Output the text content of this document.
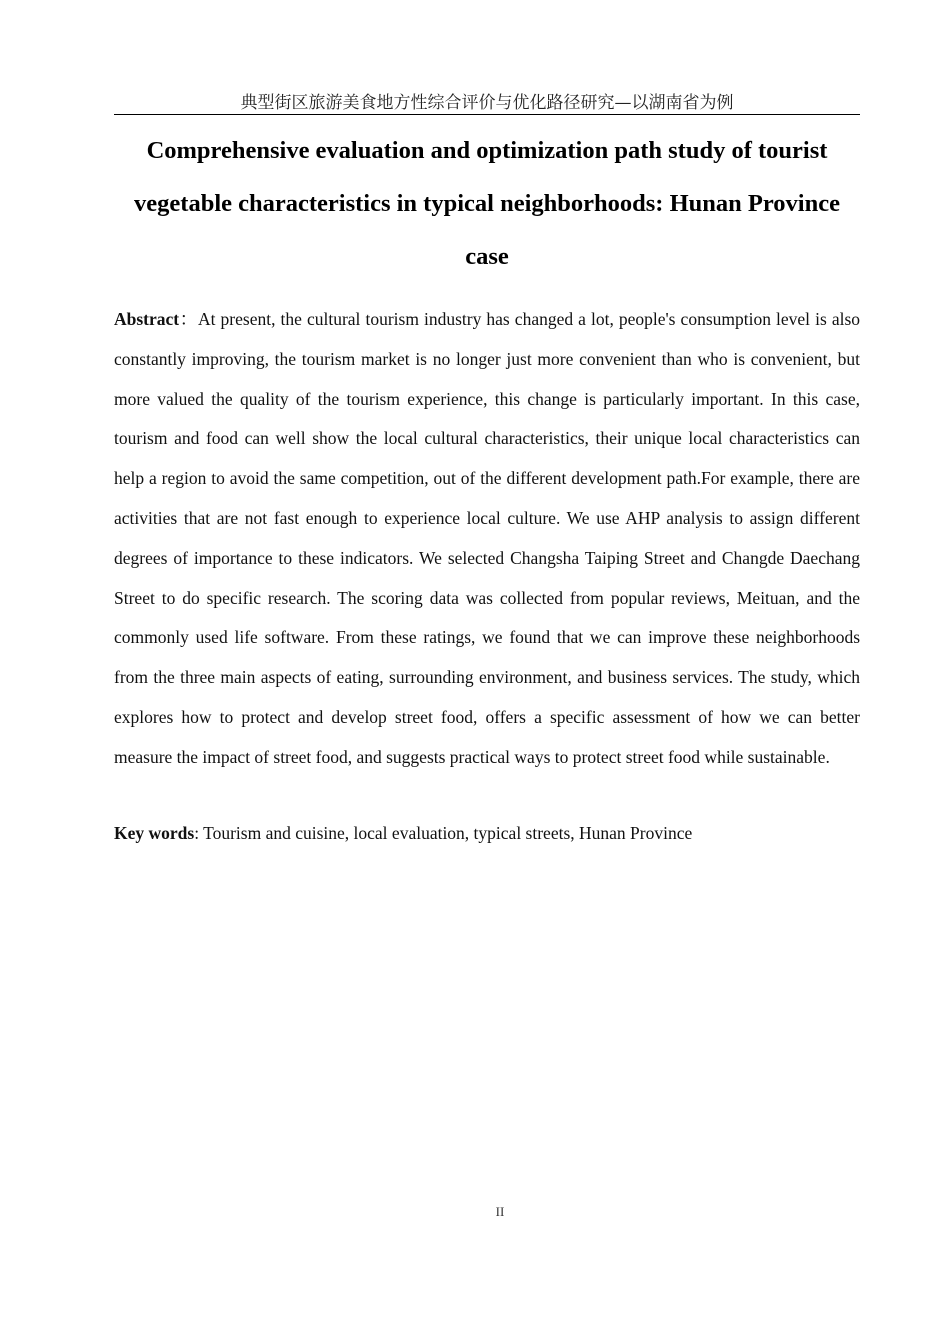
典型街区旅游美食地方性综合评价与优化路径研究—以湖南省为例
Comprehensive evaluation and optimization path study of tourist vegetable characteristics in typical neighborhoods: Hunan Province case

Abstract：At present, the cultural tourism industry has changed a lot, people's consumption level is also constantly improving, the tourism market is no longer just more convenient than who is convenient, but more valued the quality of the tourism experience, this change is particularly important. In this case, tourism and food can well show the local cultural characteristics, their unique local characteristics can help a region to avoid the same competition, out of the different development path.For example, there are activities that are not fast enough to experience local culture. We use AHP analysis to assign different degrees of importance to these indicators. We selected Changsha Taiping Street and Changde Daechang Street to do specific research. The scoring data was collected from popular reviews, Meituan, and the commonly used life software. From these ratings, we found that we can improve these neighborhoods from the three main aspects of eating, surrounding environment, and business services. The study, which explores how to protect and develop street food, offers a specific assessment of how we can better measure the impact of street food, and suggests practical ways to protect street food while sustainable.

Key words: Tourism and cuisine, local evaluation, typical streets, Hunan Province

II
